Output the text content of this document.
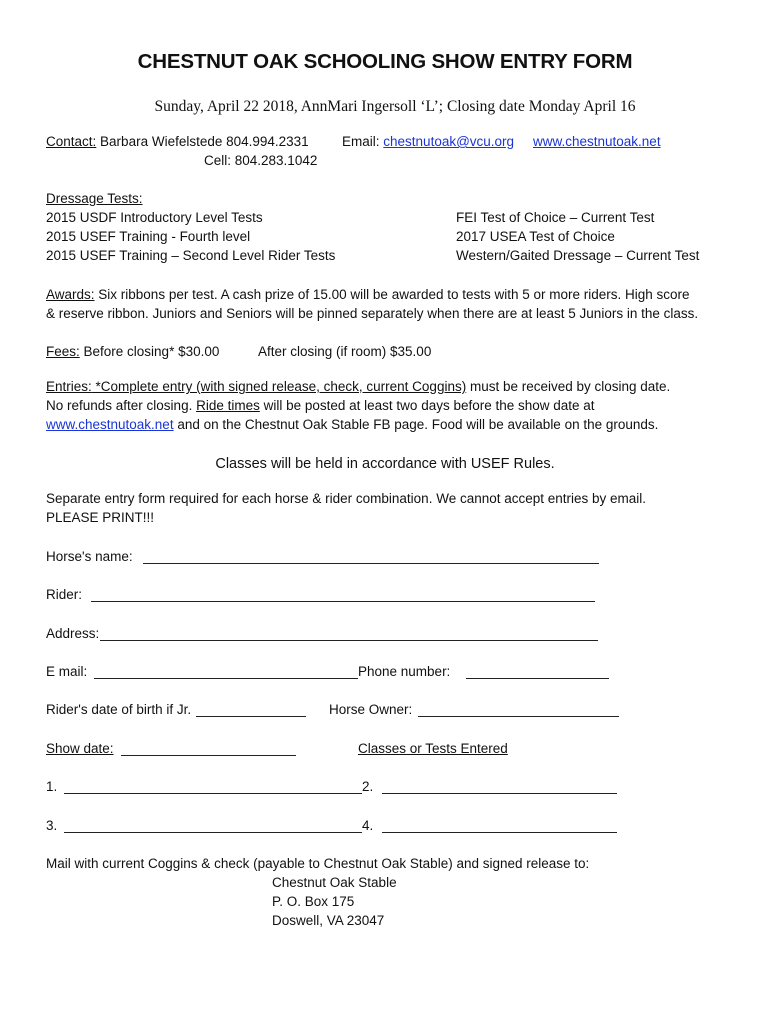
CHESTNUT OAK SCHOOLING SHOW ENTRY FORM
Sunday, April 22 2018, AnnMari Ingersoll ‘L’; Closing date Monday April 16
Contact: Barbara Wiefelstede 804.994.2331 Email: chestnutoak@vcu.org www.chestnutoak.net
Cell: 804.283.1042
Dressage Tests:
2015 USDF Introductory Level Tests
2015 USEF Training - Fourth level
2015 USEF Training – Second Level Rider Tests
FEI Test of Choice – Current Test
2017 USEA Test of Choice
Western/Gaited Dressage – Current Test
Awards: Six ribbons per test. A cash prize of 15.00 will be awarded to tests with 5 or more riders. High score
& reserve ribbon. Juniors and Seniors will be pinned separately when there are at least 5 Juniors in the class.
Fees: Before closing* $30.00	After closing (if room) $35.00
Entries: *Complete entry (with signed release, check, current Coggins) must be received by closing date.
No refunds after closing. Ride times will be posted at least two days before the show date at
www.chestnutoak.net and on the Chestnut Oak Stable FB page. Food will be available on the grounds.
Classes will be held in accordance with USEF Rules.
Separate entry form required for each horse & rider combination. We cannot accept entries by email.
PLEASE PRINT!!!
Horse's name:
Rider:
Address:
E mail:	Phone number:
Rider's date of birth if Jr.	Horse Owner:
Show date:	Classes or Tests Entered
1.	2.
3.	4.
Mail with current Coggins & check (payable to Chestnut Oak Stable) and signed release to:
Chestnut Oak Stable
P. O. Box 175
Doswell, VA 23047
